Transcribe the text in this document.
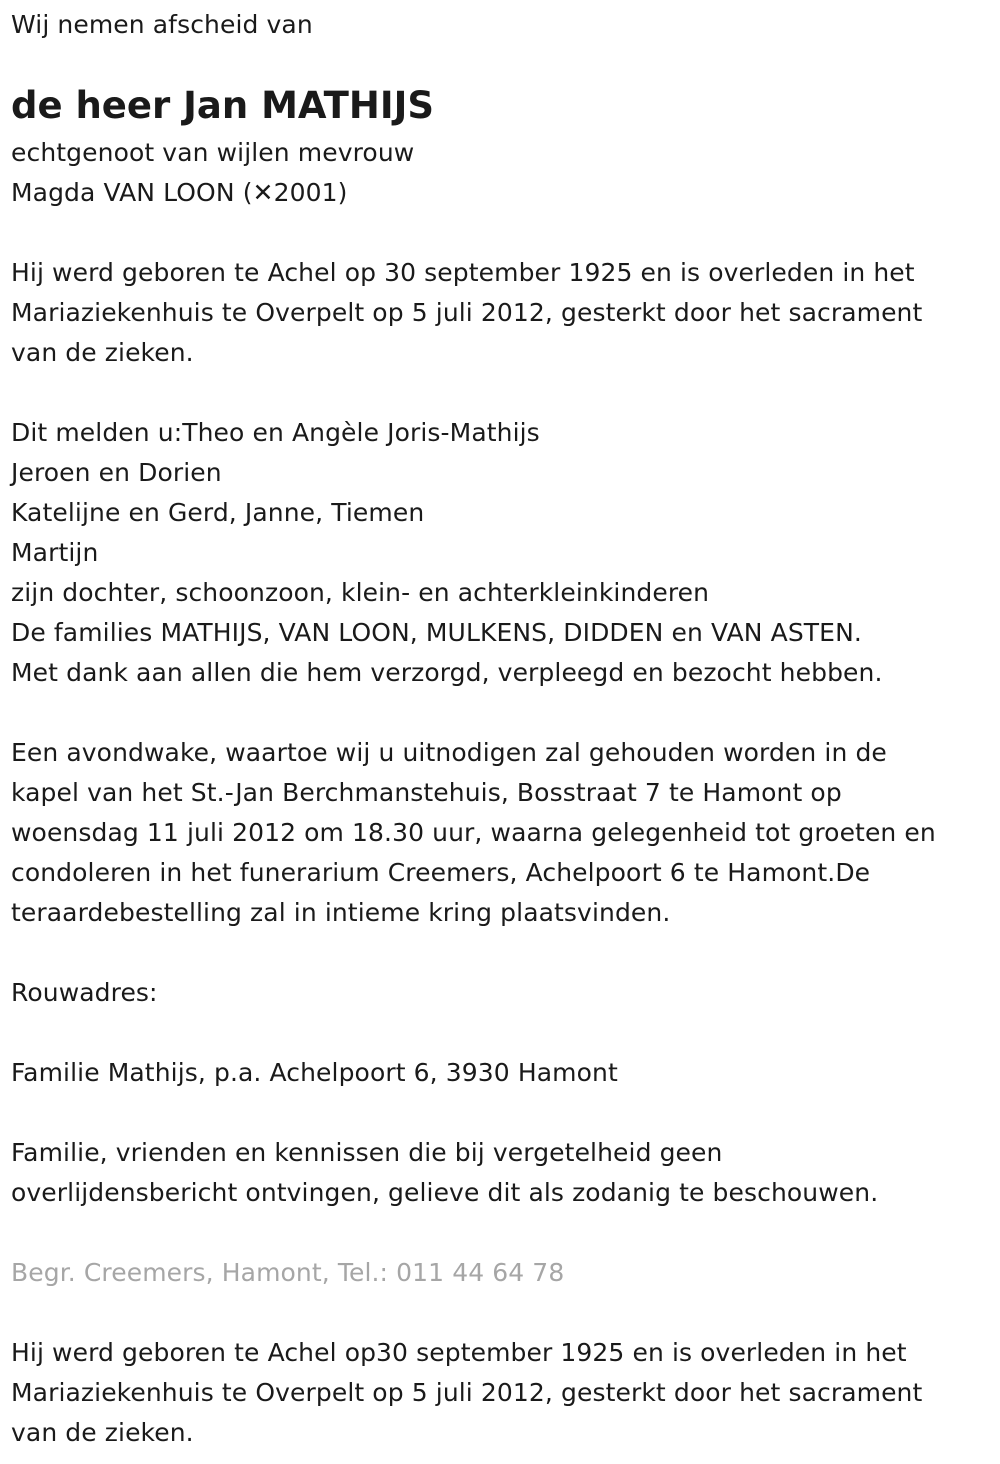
Wij nemen afscheid van
de heer Jan MATHIJS
echtgenoot van wijlen mevrouw
Magda VAN LOON (✕2001)
Hij werd geboren te Achel op 30 september 1925 en is overleden in het
Mariaziekenhuis te Overpelt op 5 juli 2012, gesterkt door het sacrament
van de zieken.
Dit melden u:Theo en Angèle Joris-Mathijs
Jeroen en Dorien
Katelijne en Gerd, Janne, Tiemen
Martijn
zijn dochter, schoonzoon, klein- en achterkleinkinderen
De families MATHIJS, VAN LOON, MULKENS, DIDDEN en VAN ASTEN.
Met dank aan allen die hem verzorgd, verpleegd en bezocht hebben.
Een avondwake, waartoe wij u uitnodigen zal gehouden worden in de
kapel van het St.-Jan Berchmanstehuis, Bosstraat 7 te Hamont op
woensdag 11 juli 2012 om 18.30 uur, waarna gelegenheid tot groeten en
condoleren in het funerarium Creemers, Achelpoort 6 te Hamont.De
teraardebestelling zal in intieme kring plaatsvinden.
Rouwadres:
Familie Mathijs, p.a. Achelpoort 6, 3930 Hamont
Familie, vrienden en kennissen die bij vergetelheid geen
overlijdensbericht ontvingen, gelieve dit als zodanig te beschouwen.
Begr. Creemers, Hamont, Tel.: 011 44 64 78
Hij werd geboren te Achel op30 september 1925 en is overleden in het
Mariaziekenhuis te Overpelt op 5 juli 2012, gesterkt door het sacrament
van de zieken.
